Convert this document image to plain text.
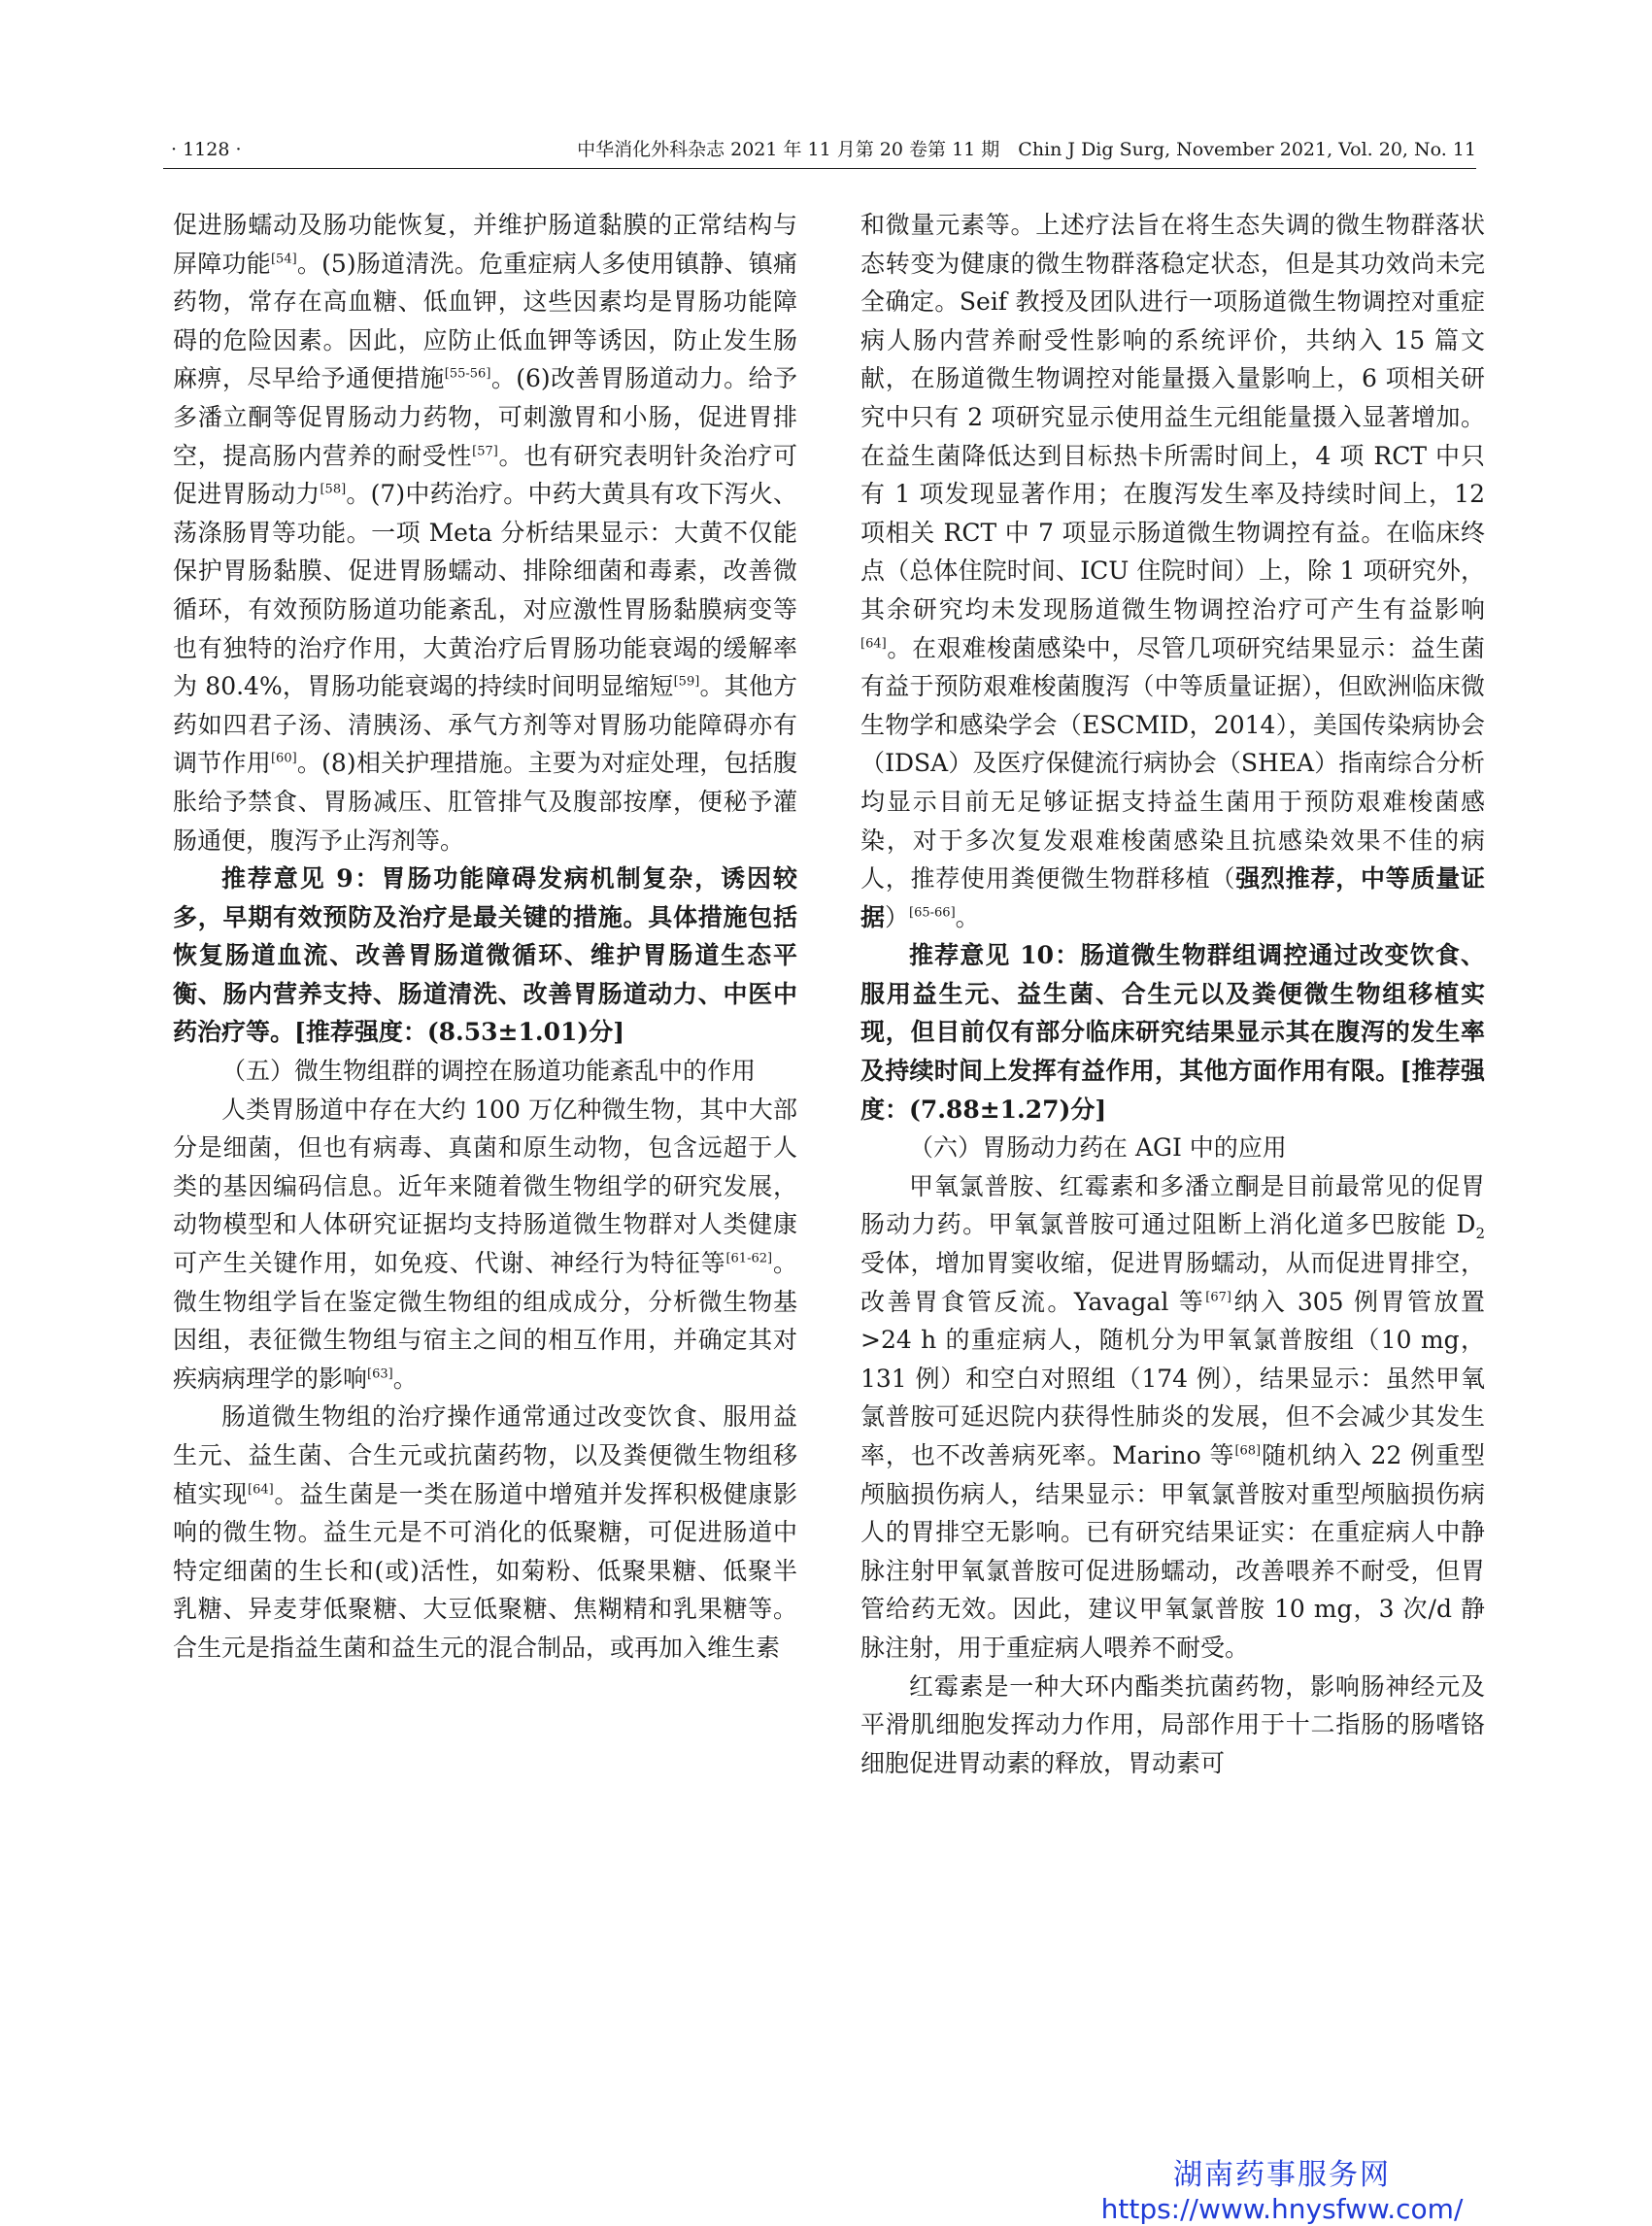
· 1128 ·	中华消化外科杂志 2021 年 11 月第 20 卷第 11 期　Chin J Dig Surg, November 2021, Vol. 20, No. 11

促进肠蠕动及肠功能恢复，并维护肠道黏膜的正常结构与屏障功能[54]。(5)肠道清洗。危重症病人多使用镇静、镇痛药物，常存在高血糖、低血钾，这些因素均是胃肠功能障碍的危险因素。因此，应防止低血钾等诱因，防止发生肠麻痹，尽早给予通便措施[55-56]。(6)改善胃肠道动力。给予多潘立酮等促胃肠动力药物，可刺激胃和小肠，促进胃排空，提高肠内营养的耐受性[57]。也有研究表明针灸治疗可促进胃肠动力[58]。(7)中药治疗。中药大黄具有攻下泻火、荡涤肠胃等功能。一项 Meta 分析结果显示：大黄不仅能保护胃肠黏膜、促进胃肠蠕动、排除细菌和毒素，改善微循环，有效预防肠道功能紊乱，对应激性胃肠黏膜病变等也有独特的治疗作用，大黄治疗后胃肠功能衰竭的缓解率为 80.4%，胃肠功能衰竭的持续时间明显缩短[59]。其他方药如四君子汤、清胰汤、承气方剂等对胃肠功能障碍亦有调节作用[60]。(8)相关护理措施。主要为对症处理，包括腹胀给予禁食、胃肠减压、肛管排气及腹部按摩，便秘予灌肠通便，腹泻予止泻剂等。

推荐意见 9：胃肠功能障碍发病机制复杂，诱因较多，早期有效预防及治疗是最关键的措施。具体措施包括恢复肠道血流、改善胃肠道微循环、维护胃肠道生态平衡、肠内营养支持、肠道清洗、改善胃肠道动力、中医中药治疗等。[推荐强度：(8.53±1.01)分]

（五）微生物组群的调控在肠道功能紊乱中的作用

人类胃肠道中存在大约 100 万亿种微生物，其中大部分是细菌，但也有病毒、真菌和原生动物，包含远超于人类的基因编码信息。近年来随着微生物组学的研究发展，动物模型和人体研究证据均支持肠道微生物群对人类健康可产生关键作用，如免疫、代谢、神经行为特征等[61-62]。微生物组学旨在鉴定微生物组的组成成分，分析微生物基因组，表征微生物组与宿主之间的相互作用，并确定其对疾病病理学的影响[63]。

肠道微生物组的治疗操作通常通过改变饮食、服用益生元、益生菌、合生元或抗菌药物，以及粪便微生物组移植实现[64]。益生菌是一类在肠道中增殖并发挥积极健康影响的微生物。益生元是不可消化的低聚糖，可促进肠道中特定细菌的生长和(或)活性，如菊粉、低聚果糖、低聚半乳糖、异麦芽低聚糖、大豆低聚糖、焦糊精和乳果糖等。合生元是指益生菌和益生元的混合制品，或再加入维生素

和微量元素等。上述疗法旨在将生态失调的微生物群落状态转变为健康的微生物群落稳定状态，但是其功效尚未完全确定。Seif 教授及团队进行一项肠道微生物调控对重症病人肠内营养耐受性影响的系统评价，共纳入 15 篇文献，在肠道微生物调控对能量摄入量影响上，6 项相关研究中只有 2 项研究显示使用益生元组能量摄入显著增加。在益生菌降低达到目标热卡所需时间上，4 项 RCT 中只有 1 项发现显著作用；在腹泻发生率及持续时间上，12 项相关 RCT 中 7 项显示肠道微生物调控有益。在临床终点（总体住院时间、ICU 住院时间）上，除 1 项研究外，其余研究均未发现肠道微生物调控治疗可产生有益影响[64]。在艰难梭菌感染中，尽管几项研究结果显示：益生菌有益于预防艰难梭菌腹泻（中等质量证据），但欧洲临床微生物学和感染学会（ESCMID，2014），美国传染病协会（IDSA）及医疗保健流行病协会（SHEA）指南综合分析均显示目前无足够证据支持益生菌用于预防艰难梭菌感染，对于多次复发艰难梭菌感染且抗感染效果不佳的病人，推荐使用粪便微生物群移植（强烈推荐，中等质量证据）[65-66]。

推荐意见 10：肠道微生物群组调控通过改变饮食、服用益生元、益生菌、合生元以及粪便微生物组移植实现，但目前仅有部分临床研究结果显示其在腹泻的发生率及持续时间上发挥有益作用，其他方面作用有限。[推荐强度：(7.88±1.27)分]

（六）胃肠动力药在 AGI 中的应用

甲氧氯普胺、红霉素和多潘立酮是目前最常见的促胃肠动力药。甲氧氯普胺可通过阻断上消化道多巴胺能 $D_2$ 受体，增加胃窦收缩，促进胃肠蠕动，从而促进胃排空，改善胃食管反流。Yavagal 等[67]纳入 305 例胃管放置>24 h 的重症病人，随机分为甲氧氯普胺组（10 mg，131 例）和空白对照组（174 例），结果显示：虽然甲氧氯普胺可延迟院内获得性肺炎的发展，但不会减少其发生率，也不改善病死率。Marino 等[68]随机纳入 22 例重型颅脑损伤病人，结果显示：甲氧氯普胺对重型颅脑损伤病人的胃排空无影响。已有研究结果证实：在重症病人中静脉注射甲氧氯普胺可促进肠蠕动，改善喂养不耐受，但胃管给药无效。因此，建议甲氧氯普胺 10 mg，3 次/d 静脉注射，用于重症病人喂养不耐受。

红霉素是一种大环内酯类抗菌药物，影响肠神经元及平滑肌细胞发挥动力作用，局部作用于十二指肠的肠嗜铬细胞促进胃动素的释放，胃动素可

湖南药事服务网
https://www.hnysfww.com/
